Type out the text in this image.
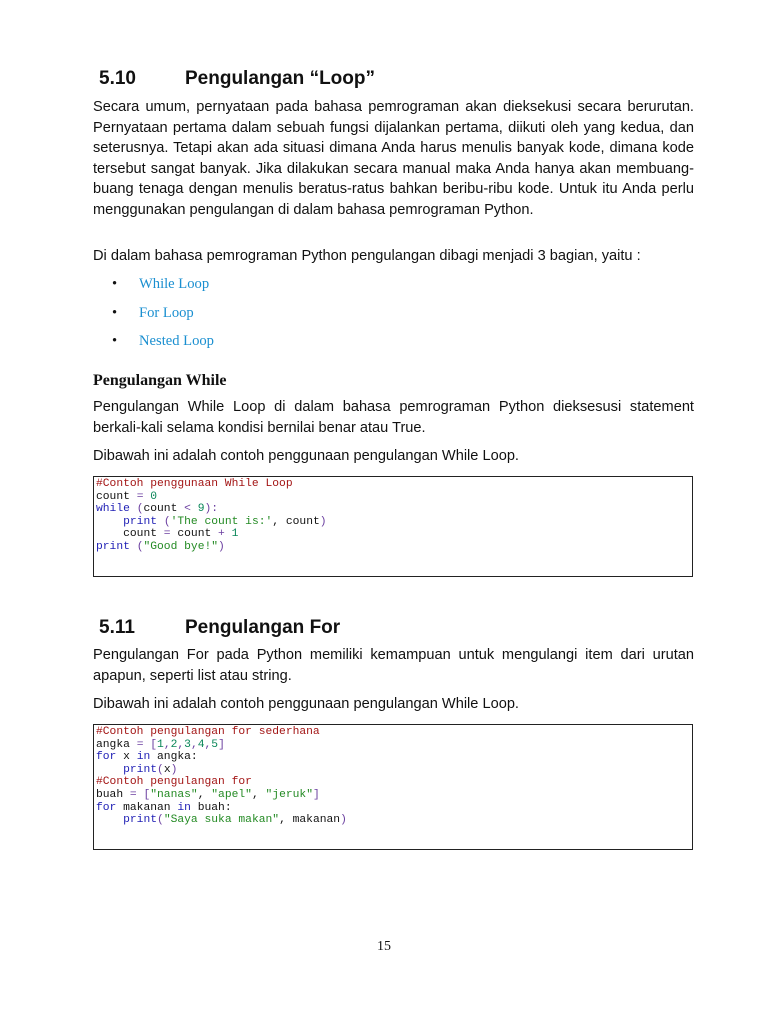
5.10	Pengulangan “Loop”

Secara umum, pernyataan pada bahasa pemrograman akan dieksekusi secara berurutan. Pernyataan pertama dalam sebuah fungsi dijalankan pertama, diikuti oleh yang kedua, dan seterusnya. Tetapi akan ada situasi dimana Anda harus menulis banyak kode, dimana kode tersebut sangat banyak. Jika dilakukan secara manual maka Anda hanya akan membuang-buang tenaga dengan menulis beratus-ratus bahkan beribu-ribu kode. Untuk itu Anda perlu menggunakan pengulangan di dalam bahasa pemrograman Python.

Di dalam bahasa pemrograman Python pengulangan dibagi menjadi 3 bagian, yaitu :

• While Loop
• For Loop
• Nested Loop
Pengulangan While

Pengulangan While Loop di dalam bahasa pemrograman Python dieksesusi statement berkali-kali selama kondisi bernilai benar atau True.

Dibawah ini adalah contoh penggunaan pengulangan While Loop.

#Contoh penggunaan While Loop
count = 0
while (count < 9):
print ('The count is:', count)
count = count + 1
print ("Good bye!")
5.11	Pengulangan For

Pengulangan For pada Python memiliki kemampuan untuk mengulangi item dari urutan apapun, seperti list atau string.

Dibawah ini adalah contoh penggunaan pengulangan While Loop.

#Contoh pengulangan for sederhana
angka = [1,2,3,4,5]
for x in angka:
print(x)
#Contoh pengulangan for
buah = ["nanas", "apel", "jeruk"]
for makanan in buah:
print("Saya suka makan", makanan)
15
